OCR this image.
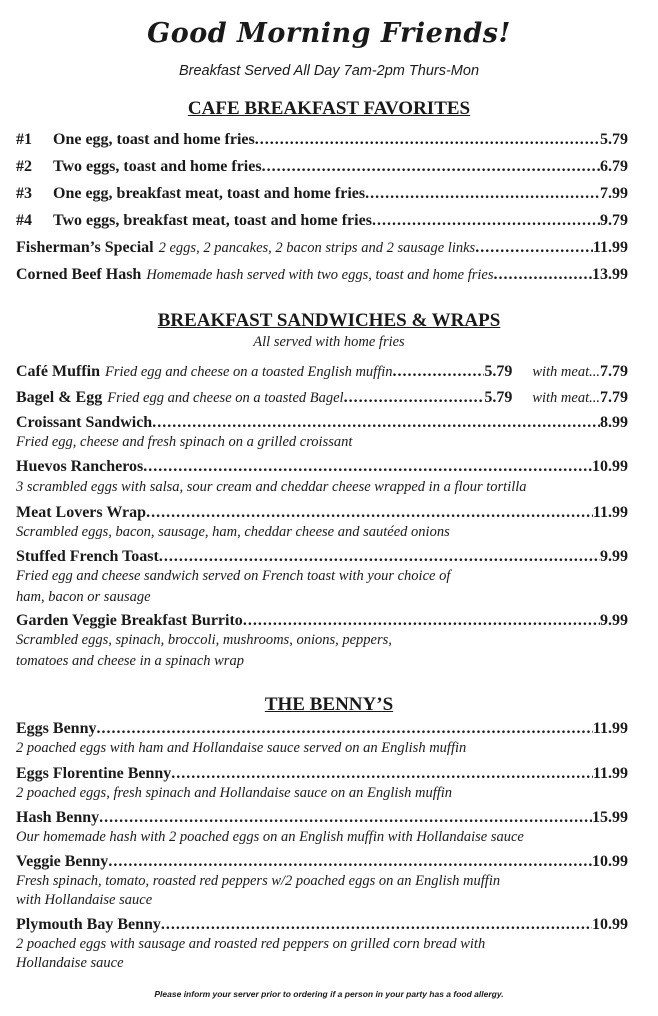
Good Morning Friends!
Breakfast Served All Day 7am-2pm Thurs-Mon
CAFE BREAKFAST FAVORITES
#1	One egg, toast and home fries .....	5.79
#2	Two eggs, toast and home fries .....	6.79
#3	One egg, breakfast meat, toast and home fries .....	7.99
#4	Two eggs, breakfast meat, toast and home fries .....	9.79
Fisherman’s Special 2 eggs, 2 pancakes, 2 bacon strips and 2 sausage links .....	11.99
Corned Beef Hash Homemade hash served with two eggs, toast and home fries .....	13.99
BREAKFAST SANDWICHES & WRAPS
All served with home fries
Café Muffin Fried egg and cheese on a toasted English muffin .....	5.79 with meat...7.79
Bagel & Egg Fried egg and cheese on a toasted Bagel .....	5.79 with meat...7.79
Croissant Sandwich .....	8.99
Fried egg, cheese and fresh spinach on a grilled croissant
Huevos Rancheros .....	10.99
3 scrambled eggs with salsa, sour cream and cheddar cheese wrapped in a flour tortilla
Meat Lovers Wrap .....	11.99
Scrambled eggs, bacon, sausage, ham, cheddar cheese and sautéed onions
Stuffed French Toast .....	9.99
Fried egg and cheese sandwich served on French toast with your choice of
ham, bacon or sausage
Garden Veggie Breakfast Burrito .....	9.99
Scrambled eggs, spinach, broccoli, mushrooms, onions, peppers,
tomatoes and cheese in a spinach wrap
THE BENNY’S
Eggs Benny .....	11.99
2 poached eggs with ham and Hollandaise sauce served on an English muffin
Eggs Florentine Benny .....	11.99
2 poached eggs, fresh spinach and Hollandaise sauce on an English muffin
Hash Benny .....	15.99
Our homemade hash with 2 poached eggs on an English muffin with Hollandaise sauce
Veggie Benny .....	10.99
Fresh spinach, tomato, roasted red peppers w/2 poached eggs on an English muffin
with Hollandaise sauce
Plymouth Bay Benny .....	10.99
2 poached eggs with sausage and roasted red peppers on grilled corn bread with
Hollandaise sauce
Please inform your server prior to ordering if a person in your party has a food allergy.
